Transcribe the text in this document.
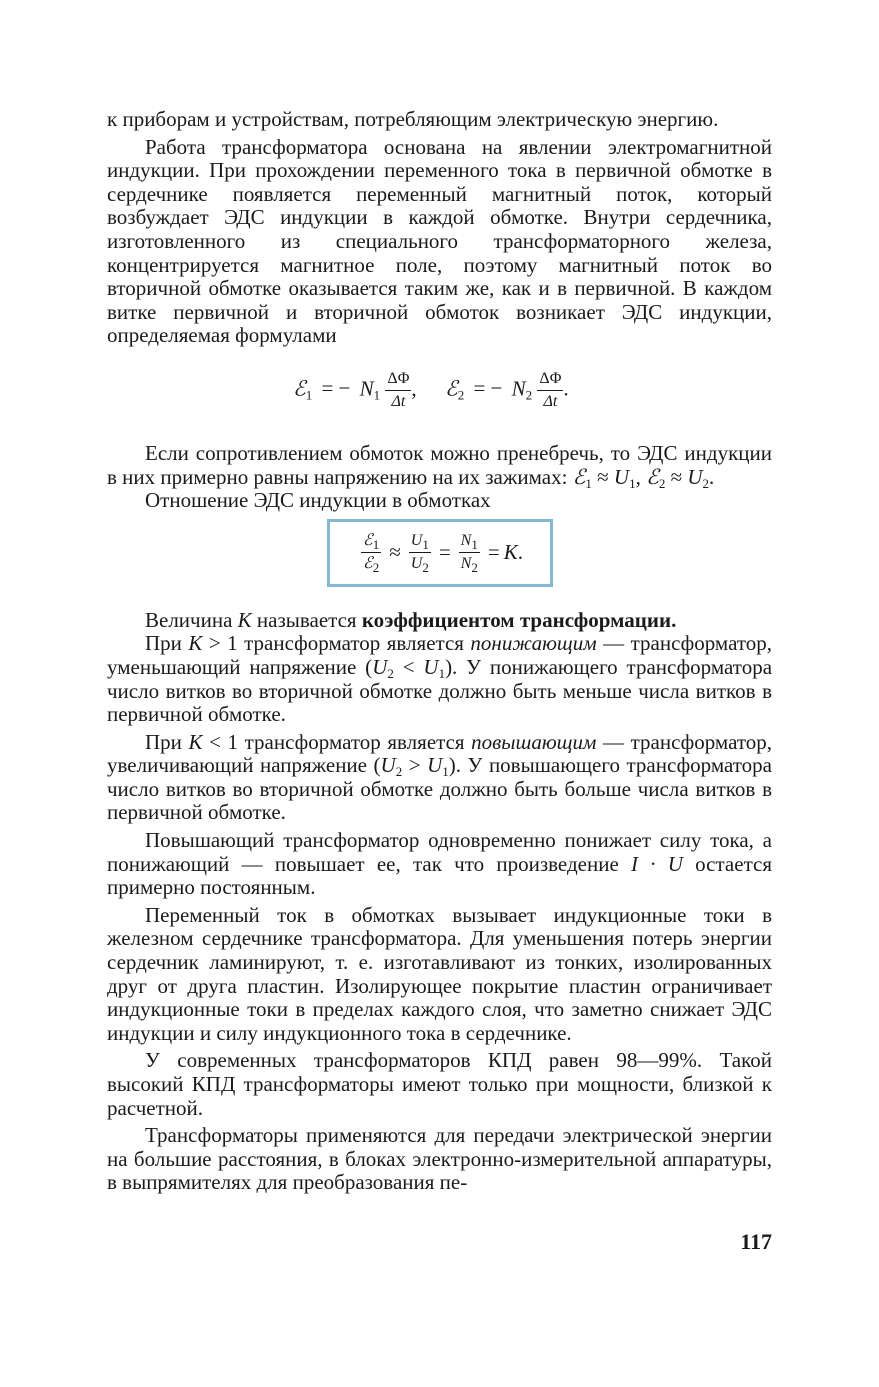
к приборам и устройствам, потребляющим электрическую энергию.

Работа трансформатора основана на явлении электромагнитной индукции. При прохождении переменного тока в первичной обмотке в сердечнике появляется переменный магнитный поток, который возбуждает ЭДС индукции в каждой обмотке. Внутри сердечника, изготовленного из специального трансформаторного железа, концентрируется магнитное поле, поэтому магнитный поток во вторичной обмотке оказывается таким же, как и в первичной. В каждом витке первичной и вторичной обмоток возникает ЭДС индукции, определяемая формулами

ℰ$_1$ = − $N_1 \frac{\Delta\Phi}{\Delta t}$ , ℰ$_2$ = − $N_2 \frac{\Delta\Phi}{\Delta t}$ .

Если сопротивлением обмоток можно пренебречь, то ЭДС индукции в них примерно равны напряжению на их зажимах: ℰ$_1$ ≈ $U_1$, ℰ$_2$ ≈ $U_2$.

Отношение ЭДС индукции в обмотках

$\frac{ℰ_1}{ℰ_2} \approx \frac{U_1}{U_2} = \frac{N_1}{N_2} = K$ .

Величина K называется коэффициентом трансформации.

При K > 1 трансформатор является понижающим — трансформатор, уменьшающий напряжение $(U_2 < U_1)$. У понижающего трансформатора число витков во вторичной обмотке должно быть меньше числа витков в первичной обмотке.

При K < 1 трансформатор является повышающим — трансформатор, увеличивающий напряжение $(U_2 > U_1)$. У повышающего трансформатора число витков во вторичной обмотке должно быть больше числа витков в первичной обмотке.

Повышающий трансформатор одновременно понижает силу тока, а понижающий — повышает ее, так что произведение I · U остается примерно постоянным.

Переменный ток в обмотках вызывает индукционные токи в железном сердечнике трансформатора. Для уменьшения потерь энергии сердечник ламинируют, т. е. изготавливают из тонких, изолированных друг от друга пластин. Изолирующее покрытие пластин ограничивает индукционные токи в пределах каждого слоя, что заметно снижает ЭДС индукции и силу индукционного тока в сердечнике.

У современных трансформаторов КПД равен 98—99%. Такой высокий КПД трансформаторы имеют только при мощности, близкой к расчетной.

Трансформаторы применяются для передачи электрической энергии на большие расстояния, в блоках электронно-измерительной аппаратуры, в выпрямителях для преобразования пе-

117
